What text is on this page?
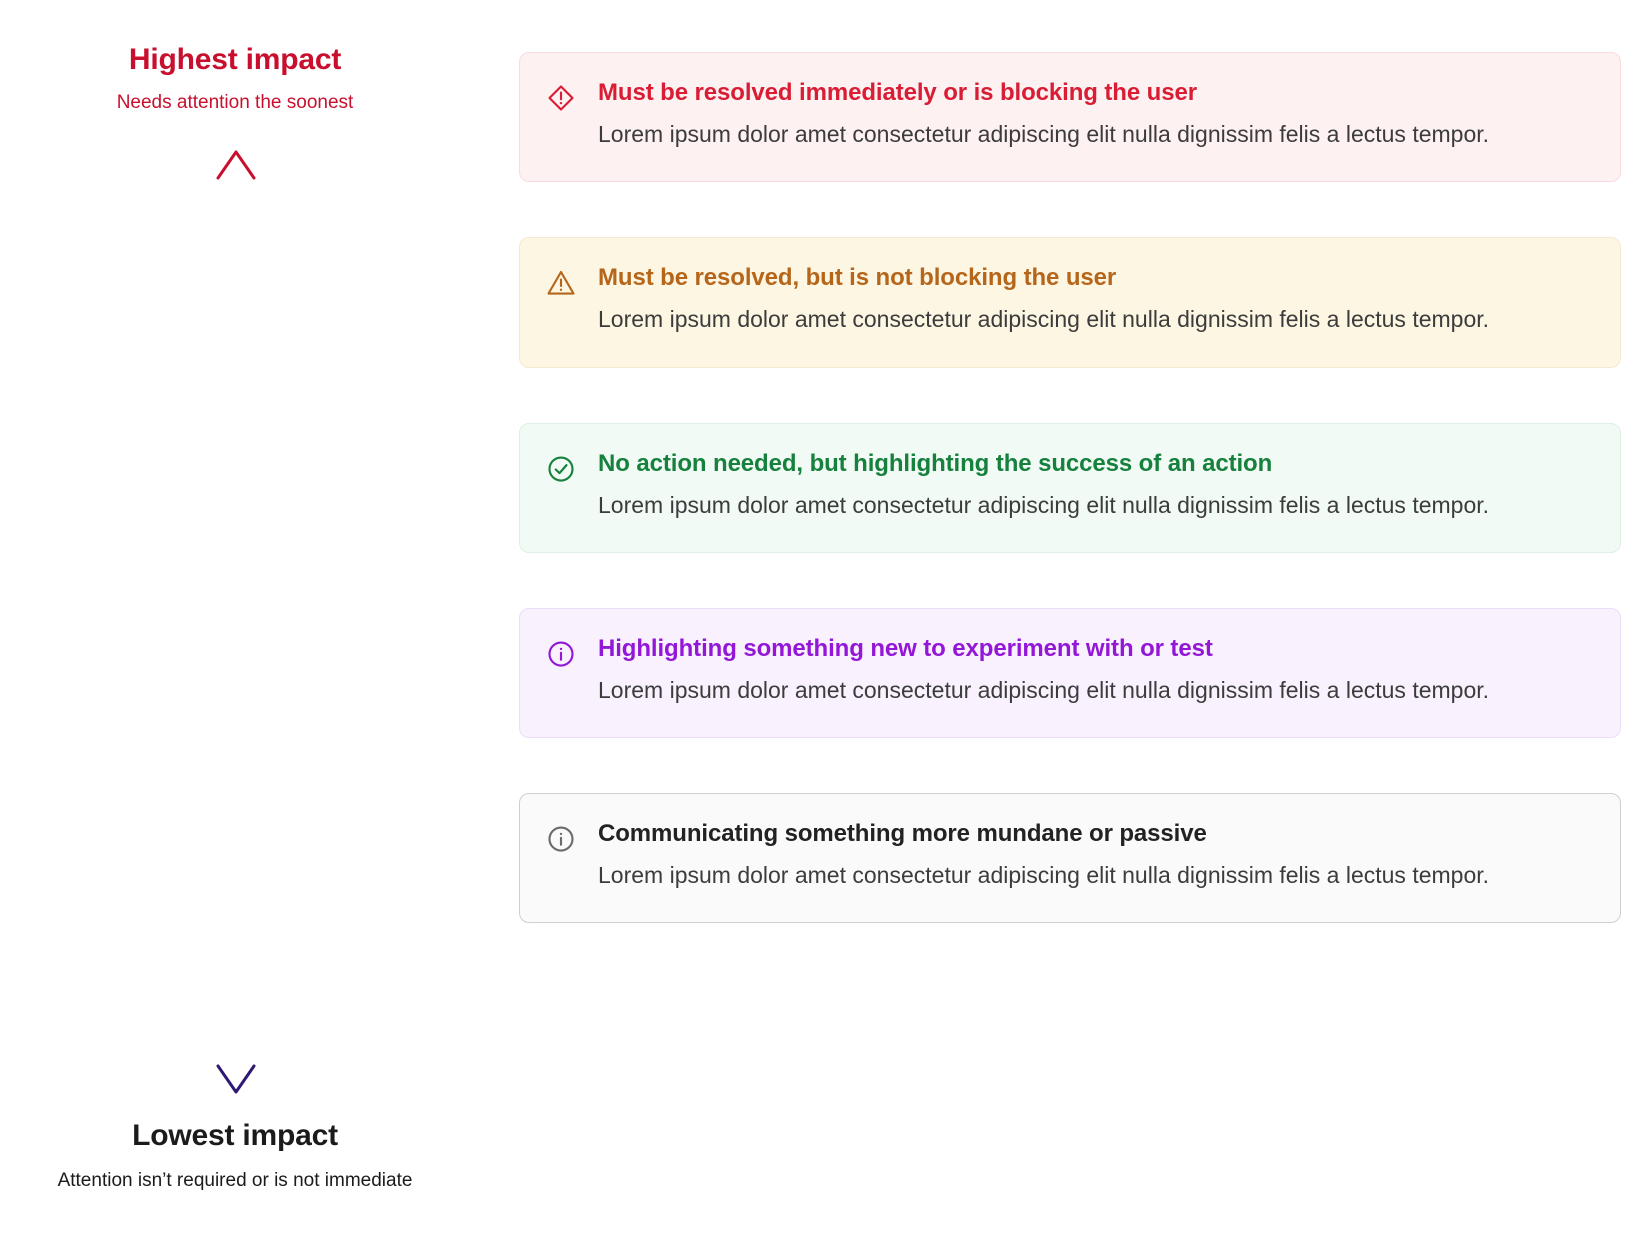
Highest impact
Needs attention the soonest
Lowest impact
Attention isn’t required or is not immediate

Must be resolved immediately or is blocking the user

Lorem ipsum dolor amet consectetur adipiscing elit nulla dignissim felis a lectus tempor.

Must be resolved, but is not blocking the user

Lorem ipsum dolor amet consectetur adipiscing elit nulla dignissim felis a lectus tempor.

No action needed, but highlighting the success of an action

Lorem ipsum dolor amet consectetur adipiscing elit nulla dignissim felis a lectus tempor.

Highlighting something new to experiment with or test

Lorem ipsum dolor amet consectetur adipiscing elit nulla dignissim felis a lectus tempor.

Communicating something more mundane or passive

Lorem ipsum dolor amet consectetur adipiscing elit nulla dignissim felis a lectus tempor.
